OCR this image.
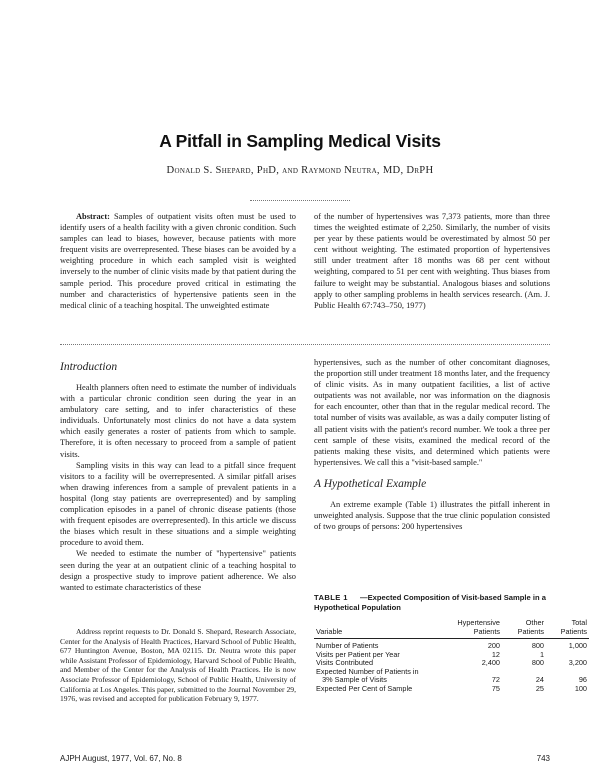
A Pitfall in Sampling Medical Visits
Donald S. Shepard, PhD, and Raymond Neutra, MD, DrPH

Abstract: Samples of outpatient visits often must be used to identify users of a health facility with a given chronic condition. Such samples can lead to biases, however, because patients with more frequent visits are overrepresented. These biases can be avoided by a weighting procedure in which each sampled visit is weighted inversely to the number of clinic visits made by that patient during the sample period. This procedure proved critical in estimating the number and characteristics of hypertensive patients seen in the medical clinic of a teaching hospital. The unweighted estimate

of the number of hypertensives was 7,373 patients, more than three times the weighted estimate of 2,250. Similarly, the number of visits per year by these patients would be overestimated by almost 50 per cent without weighting. The estimated proportion of hypertensives still under treatment after 18 months was 68 per cent without weighting, compared to 51 per cent with weighting. Thus biases from failure to weight may be substantial. Analogous biases and solutions apply to other sampling problems in health services research. (Am. J. Public Health 67:743–750, 1977)

Introduction

Health planners often need to estimate the number of individuals with a particular chronic condition seen during the year in an ambulatory care setting, and to infer characteristics of these individuals. Unfortunately most clinics do not have a data system which easily generates a roster of patients from which to sample. Therefore, it is often necessary to proceed from a sample of patient visits.

Sampling visits in this way can lead to a pitfall since frequent visitors to a facility will be overrepresented. A similar pitfall arises when drawing inferences from a sample of prevalent patients in a hospital (long stay patients are overrepresented) and by sampling complication episodes in a panel of chronic disease patients (those with frequent episodes are overrepresented). In this article we discuss the biases which result in these situations and a simple weighting procedure to avoid them.

We needed to estimate the number of "hypertensive" patients seen during the year at an outpatient clinic of a teaching hospital to design a prospective study to improve patient adherence. We also wanted to estimate characteristics of these

Address reprint requests to Dr. Donald S. Shepard, Research Associate, Center for the Analysis of Health Practices, Harvard School of Public Health, 677 Huntington Avenue, Boston, MA 02115. Dr. Neutra wrote this paper while Assistant Professor of Epidemiology, Harvard School of Public Health, and Member of the Center for the Analysis of Health Practices. He is now Associate Professor of Epidemiology, School of Public Health, University of California at Los Angeles. This paper, submitted to the Journal November 29, 1976, was revised and accepted for publication February 9, 1977.

hypertensives, such as the number of other concomitant diagnoses, the proportion still under treatment 18 months later, and the frequency of clinic visits. As in many outpatient facilities, a list of active outpatients was not available, nor was information on the diagnosis for each encounter, other than that in the regular medical record. The total number of visits was available, as was a daily computer listing of all patient visits with the patient's record number. We took a three per cent sample of these visits, examined the medical record of the patients making these visits, and determined which patients were hypertensives. We call this a "visit-based sample."

A Hypothetical Example

An extreme example (Table 1) illustrates the pitfall inherent in unweighted analysis. Suppose that the true clinic population consisted of two groups of persons: 200 hypertensives

TABLE 1 —Expected Composition of Visit-based Sample in a Hypothetical Population
Variable	Hypertensive Patients	Other Patients	Total Patients
Number of Patients	200	800	1,000
Visits per Patient per Year	12	1	
Visits Contributed	2,400	800	3,200
Expected Number of Patients in			
3% Sample of Visits	72	24	96
Expected Per Cent of Sample	75	25	100
AJPH August, 1977, Vol. 67, No. 8	743
